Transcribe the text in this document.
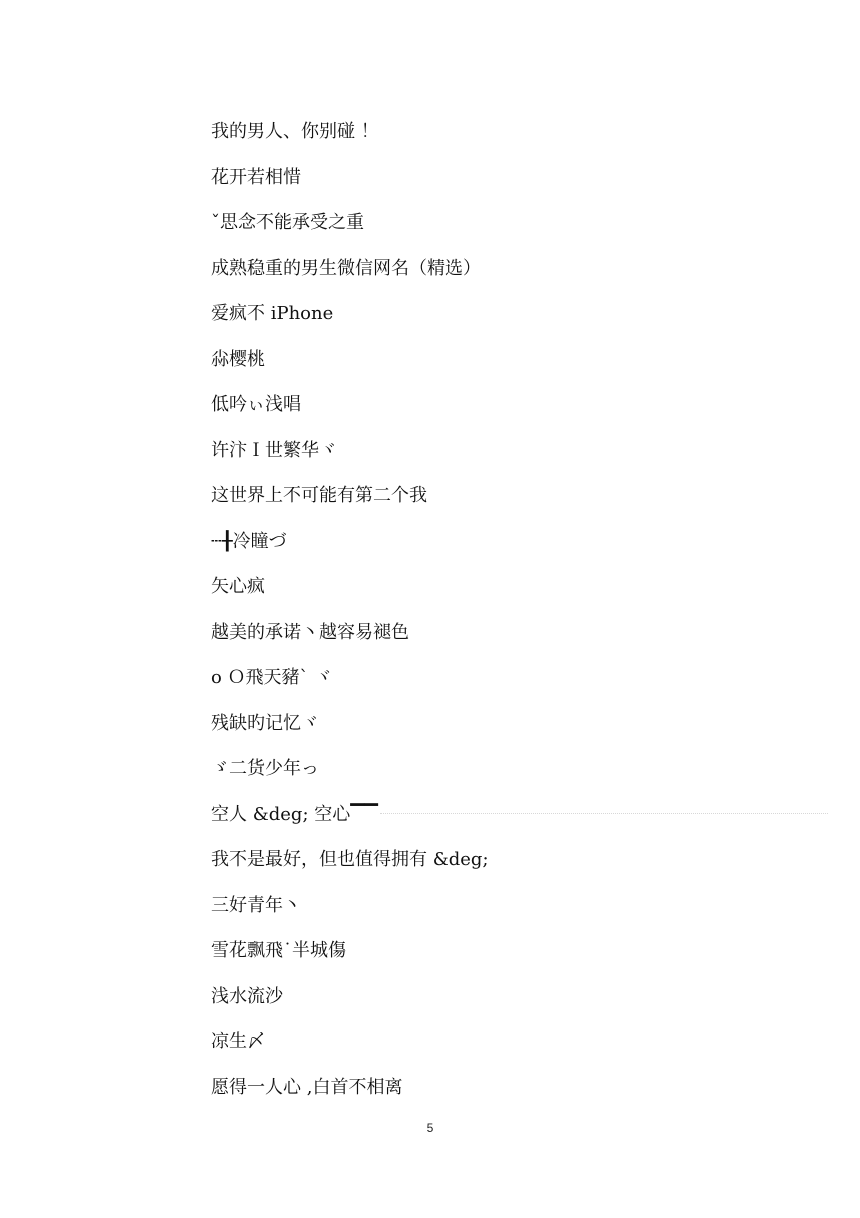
我的男人、你别碰 ！
花开若相惜
ˇ思念不能承受之重
成熟稳重的男生微信网名（精选）
爱疯不 iPhone
尛樱桃
低吟ぃ浅唱
许汴Ｉ世繁华ヾ
这世界上不可能有第二个我
┄╂冷瞳づ
矢心疯
越美的承诺丶越容易褪色
o Ｏ飛天豬ˋ ヾ
残缺旳记忆ヾ
ゞ二货少年っ
空人 &deg; 空心▔▔
我不是最好，但也值得拥有 &deg;
三好青年丶
雪花飘飛˙半城傷
浅水流沙
凉生〆
愿得一人心 ,白首不相离
5
